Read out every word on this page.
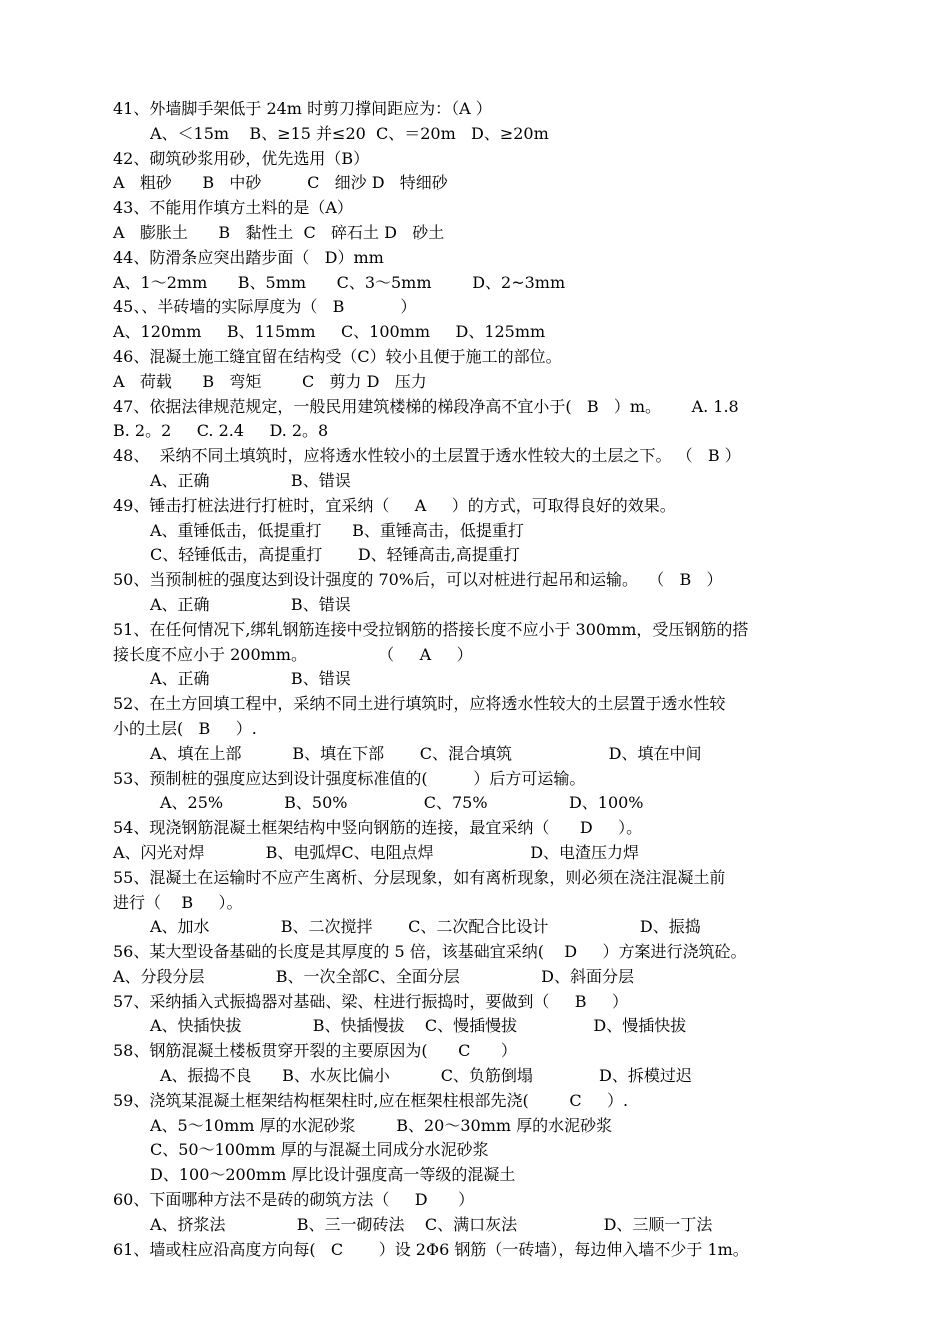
41、外墙脚手架低于 24m 时剪刀撑间距应为：（A ）
A、＜15m    B、≥15 并≤20  C、＝20m   D、≥20m
42、砌筑砂浆用砂，优先选用（B）
A   粗砂      B   中砂         C   细沙 D   特细砂
43、不能用作填方土料的是（A）
A   膨胀土      B   黏性土  C   碎石土 D   砂土
44、防滑条应突出踏步面（   D）mm
A、1～2mm      B、5mm      C、3～5mm        D、2~3mm
45、、半砖墙的实际厚度为（   B           ）
A、120mm     B、115mm     C、100mm     D、125mm
46、混凝土施工缝宜留在结构受（C）较小且便于施工的部位。
A   荷载      B   弯矩        C   剪力 D   压力
47、依据法律规范规定，一般民用建筑楼梯的梯段净高不宜小于(   B   ）m。      A. 1.8
B. 2。2     C. 2.4     D. 2。8
48、  采纳不同土填筑时，应将透水性较小的土层置于透水性较大的土层之下。 （   B ）
A、正确                B、错误
49、锤击打桩法进行打桩时，宜采纳（     A     ）的方式，可取得良好的效果。
A、重锤低击，低提重打      B、重锤高击，低提重打
C、轻锤低击，高提重打       D、轻锤高击,高提重打
50、当预制桩的强度达到设计强度的 70%后，可以对桩进行起吊和运输。  （   B   ）
A、正确                B、错误
51、在任何情况下,绑轧钢筋连接中受拉钢筋的搭接长度不应小于 300mm，受压钢筋的搭
接长度不应小于 200mm。              （     A     ）
A、正确                B、错误
52、在土方回填工程中，采纳不同土进行填筑时，应将透水性较大的土层置于透水性较
小的土层(   B     ）.
A、填在上部          B、填在下部       C、混合填筑                   D、填在中间
53、预制桩的强度应达到设计强度标准值的(         ）后方可运输。
A、25%            B、50%               C、75%                D、100%
54、现浇钢筋混凝土框架结构中竖向钢筋的连接，最宜采纳（      D     ）。
A、闪光对焊            B、电弧焊C、电阻点焊                   D、电渣压力焊
55、混凝土在运输时不应产生离析、分层现象，如有离析现象，则必须在浇注混凝土前
进行（    B     ）。
A、加水              B、二次搅拌       C、二次配合比设计                  D、振捣
56、某大型设备基础的长度是其厚度的 5 倍，该基础宜采纳(    D     ）方案进行浇筑砼。
A、分段分层              B、一次全部C、全面分层                D、斜面分层
57、采纳插入式振捣器对基础、梁、柱进行振捣时，要做到（     B     ）
A、快插快拔              B、快插慢拔    C、慢插慢拔               D、慢插快拔
58、钢筋混凝土楼板贯穿开裂的主要原因为(      C      ）
A、振捣不良      B、水灰比偏小          C、负筋倒塌             D、拆模过迟
59、浇筑某混凝土框架结构框架柱时,应在框架柱根部先浇(        C     ）.
A、5～10mm 厚的水泥砂浆        B、20～30mm 厚的水泥砂浆
C、50～100mm 厚的与混凝土同成分水泥砂浆
D、100～200mm 厚比设计强度高一等级的混凝土
60、下面哪种方法不是砖的砌筑方法（     D      ）
A、挤浆法              B、三一砌砖法    C、满口灰法                 D、三顺一丁法
61、墙或柱应沿高度方向每(   C       ）设 2Φ6 钢筋（一砖墙），每边伸入墙不少于 1m。
